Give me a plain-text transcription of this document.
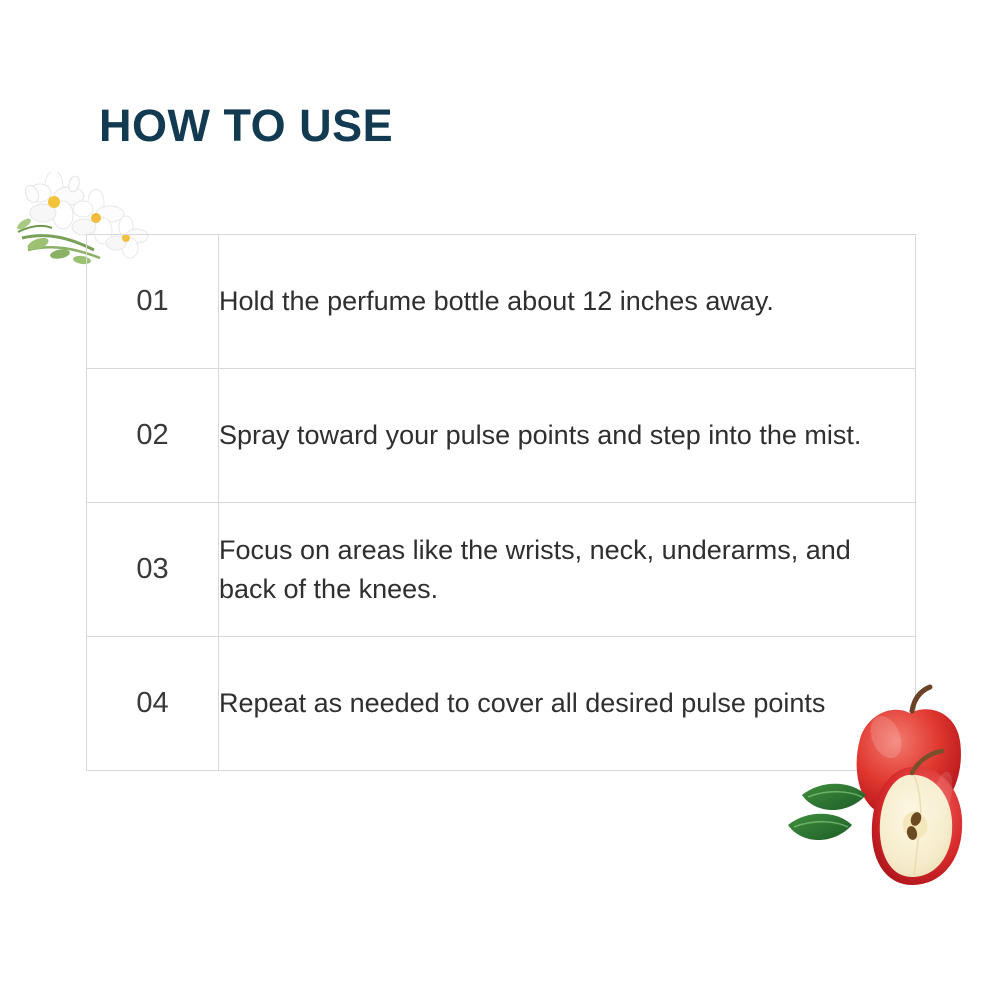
HOW TO USE
01	Hold the perfume bottle about 12 inches away.
02	Spray toward your pulse points and step into the mist.
03	Focus on areas like the wrists, neck, underarms, and back of the knees.
04	Repeat as needed to cover all desired pulse points
